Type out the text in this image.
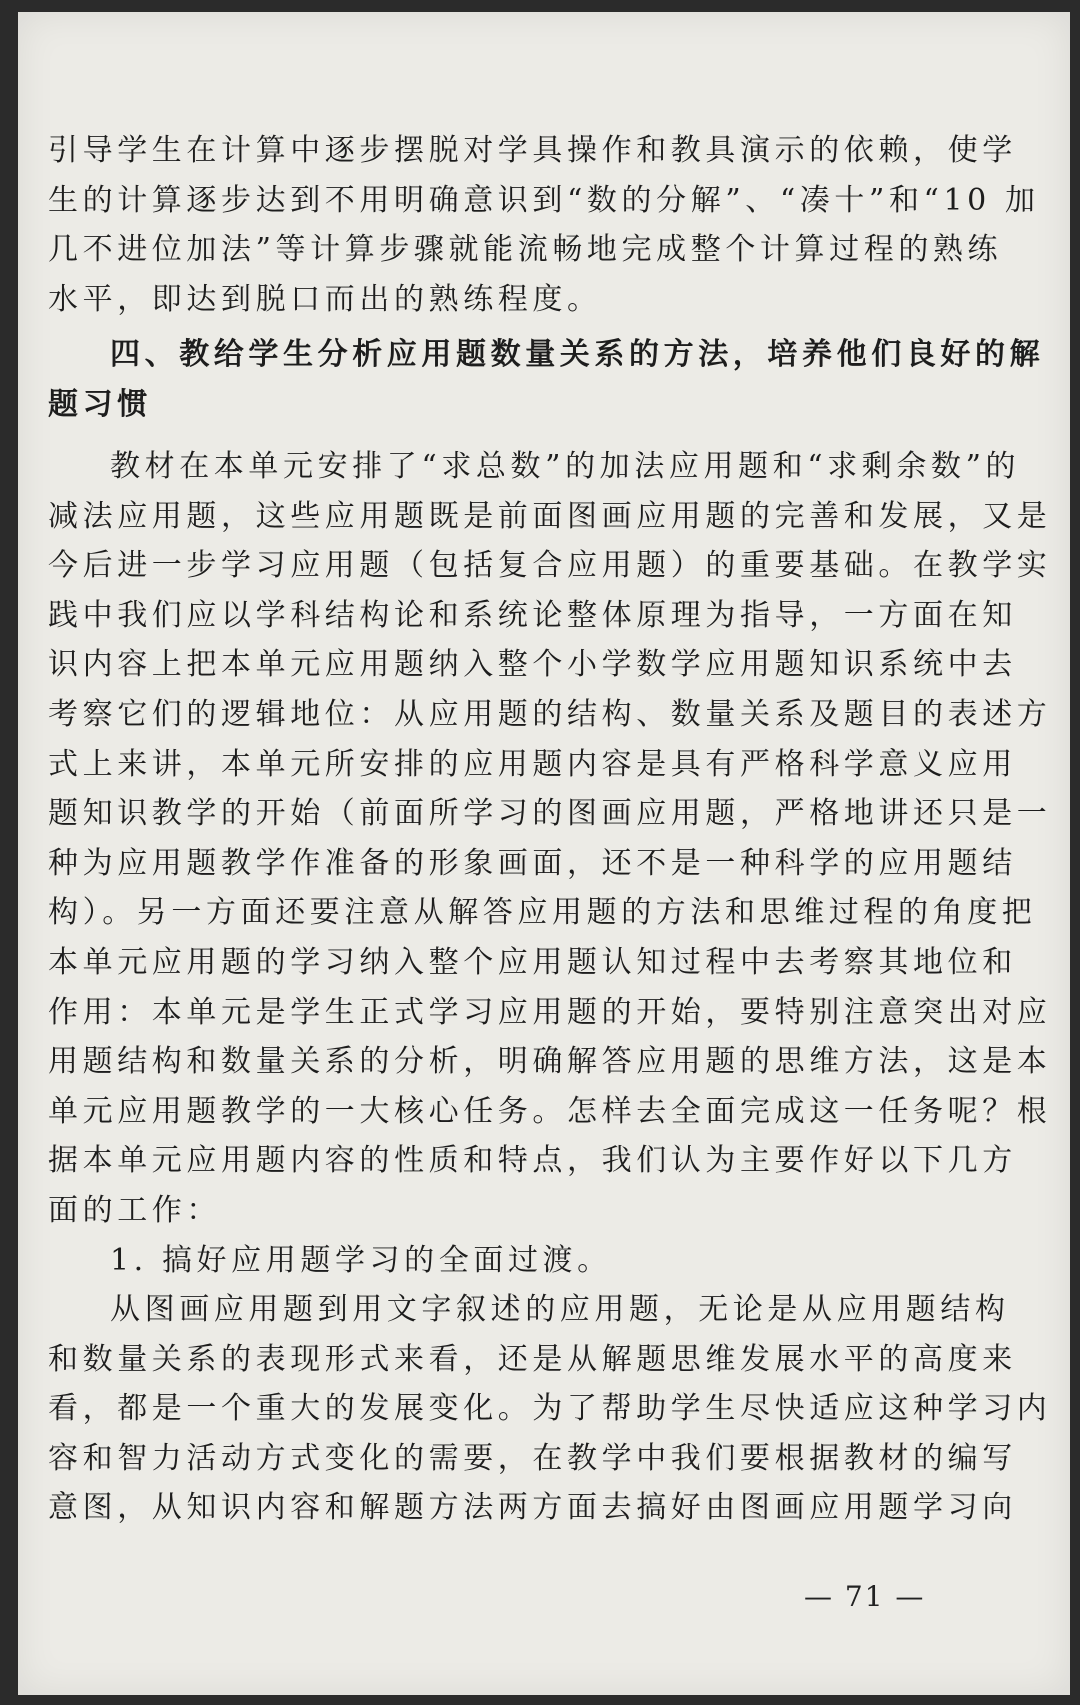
引导学生在计算中逐步摆脱对学具操作和教具演示的依赖，使学
生的计算逐步达到不用明确意识到“数的分解”、“凑十”和“10 加
几不进位加法”等计算步骤就能流畅地完成整个计算过程的熟练
水平，即达到脱口而出的熟练程度。
四、教给学生分析应用题数量关系的方法，培养他们良好的解
题习惯
教材在本单元安排了“求总数”的加法应用题和“求剩余数”的
减法应用题，这些应用题既是前面图画应用题的完善和发展，又是
今后进一步学习应用题（包括复合应用题）的重要基础。在教学实
践中我们应以学科结构论和系统论整体原理为指导，一方面在知
识内容上把本单元应用题纳入整个小学数学应用题知识系统中去
考察它们的逻辑地位：从应用题的结构、数量关系及题目的表述方
式上来讲，本单元所安排的应用题内容是具有严格科学意义应用
题知识教学的开始（前面所学习的图画应用题，严格地讲还只是一
种为应用题教学作准备的形象画面，还不是一种科学的应用题结
构）。另一方面还要注意从解答应用题的方法和思维过程的角度把
本单元应用题的学习纳入整个应用题认知过程中去考察其地位和
作用：本单元是学生正式学习应用题的开始，要特别注意突出对应
用题结构和数量关系的分析，明确解答应用题的思维方法，这是本
单元应用题教学的一大核心任务。怎样去全面完成这一任务呢？根
据本单元应用题内容的性质和特点，我们认为主要作好以下几方
面的工作：
1. 搞好应用题学习的全面过渡。
从图画应用题到用文字叙述的应用题，无论是从应用题结构
和数量关系的表现形式来看，还是从解题思维发展水平的高度来
看，都是一个重大的发展变化。为了帮助学生尽快适应这种学习内
容和智力活动方式变化的需要，在教学中我们要根据教材的编写
意图，从知识内容和解题方法两方面去搞好由图画应用题学习向
— 71 —
